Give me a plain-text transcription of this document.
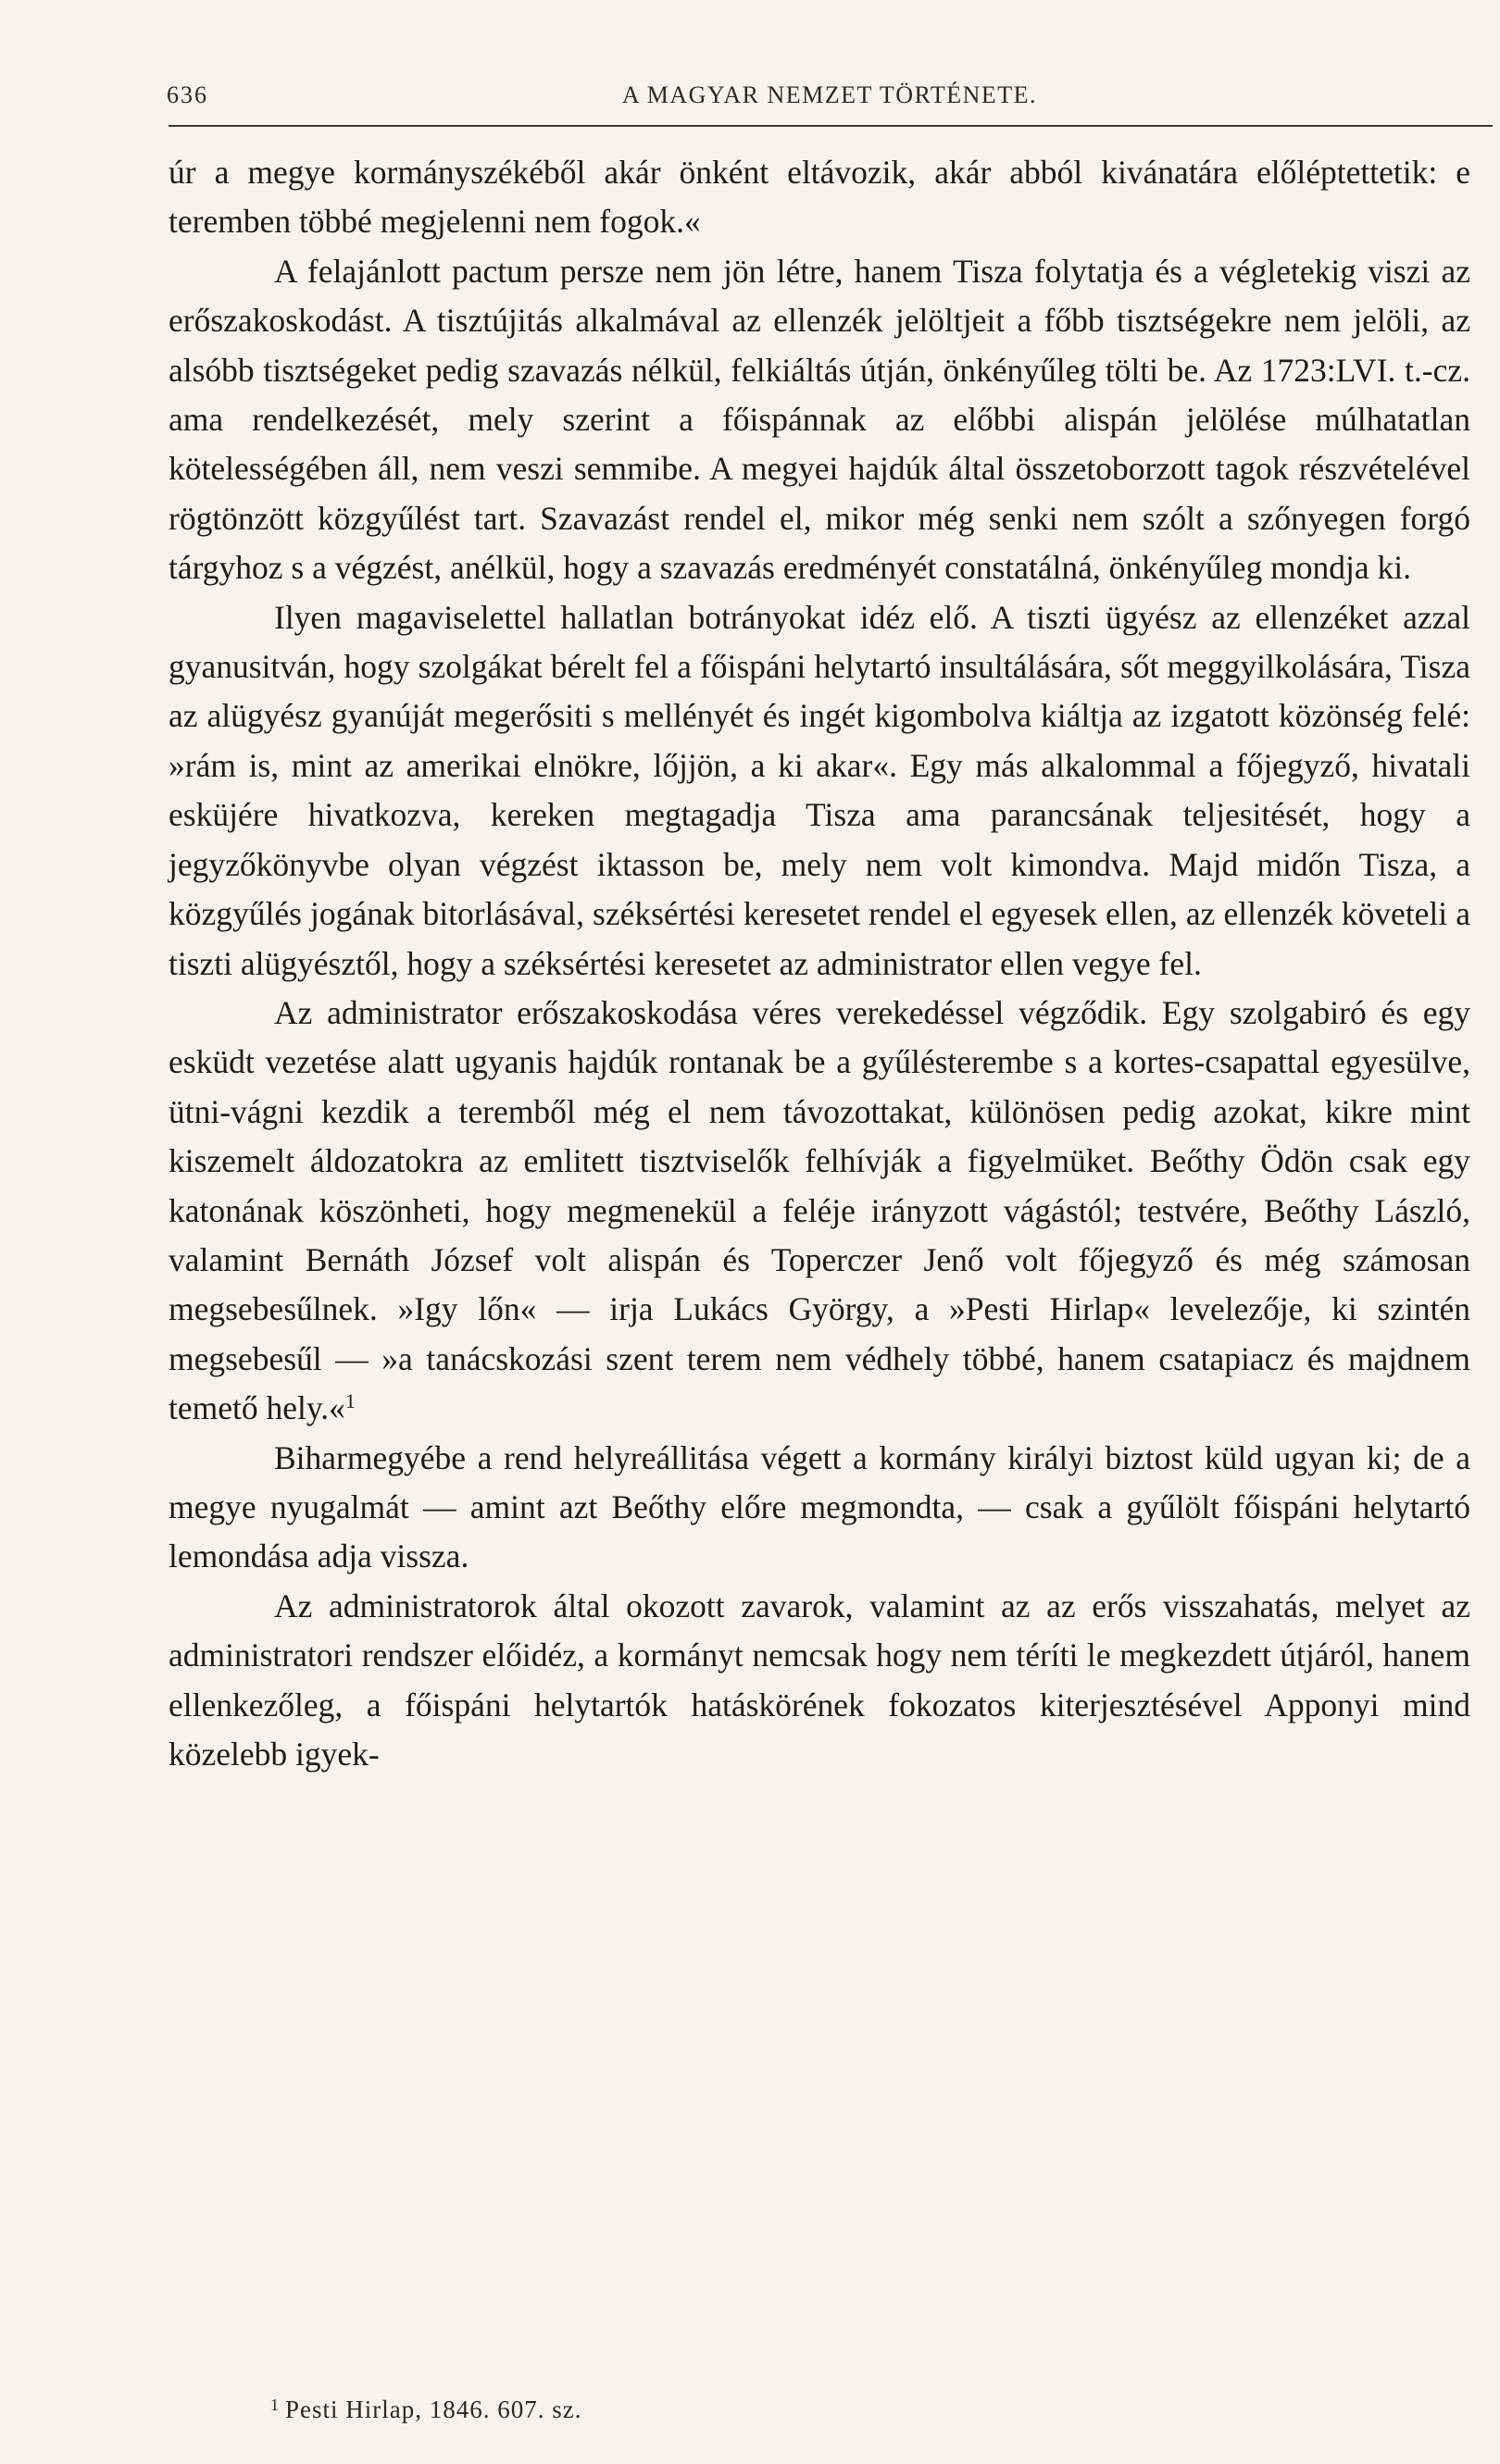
636	A MAGYAR NEMZET TÖRTÉNETE.

úr a megye kormányszékéből akár önként eltávozik, akár abból kivánatára előléptettetik: e teremben többé megjelenni nem fogok.«

A felajánlott pactum persze nem jön létre, hanem Tisza folytatja és a végletekig viszi az erőszakoskodást. A tisztújitás alkalmával az ellenzék jelöltjeit a főbb tisztségekre nem jelöli, az alsóbb tisztségeket pedig szavazás nélkül, felkiáltás útján, önkényűleg tölti be. Az 1723:LVI. t.-cz. ama rendelkezését, mely szerint a főispánnak az előbbi alispán jelölése múlhatatlan kötelességében áll, nem veszi semmibe. A megyei hajdúk által összetoborzott tagok részvételével rögtönzött közgyűlést tart. Szavazást rendel el, mikor még senki nem szólt a szőnyegen forgó tárgyhoz s a végzést, anélkül, hogy a szavazás eredményét constatálná, önkényűleg mondja ki.

Ilyen magaviselettel hallatlan botrányokat idéz elő. A tiszti ügyész az ellenzéket azzal gyanusitván, hogy szolgákat bérelt fel a főispáni helytartó insultálására, sőt meggyilkolására, Tisza az alügyész gyanúját megerősiti s mellényét és ingét kigombolva kiáltja az izgatott közönség felé: »rám is, mint az amerikai elnökre, lőjjön, a ki akar«. Egy más alkalommal a főjegyző, hivatali esküjére hivatkozva, kereken megtagadja Tisza ama parancsának teljesitését, hogy a jegyzőkönyvbe olyan végzést iktasson be, mely nem volt kimondva. Majd midőn Tisza, a közgyűlés jogának bitorlásával, széksértési keresetet rendel el egyesek ellen, az ellenzék követeli a tiszti alügyésztől, hogy a széksértési keresetet az administrator ellen vegye fel.

Az administrator erőszakoskodása véres verekedéssel végződik. Egy szolgabiró és egy esküdt vezetése alatt ugyanis hajdúk rontanak be a gyűlésterembe s a kortes-csapattal egyesülve, ütni-vágni kezdik a teremből még el nem távozottakat, különösen pedig azokat, kikre mint kiszemelt áldozatokra az emlitett tisztviselők felhívják a figyelmüket. Beőthy Ödön csak egy katonának köszönheti, hogy megmenekül a feléje irányzott vágástól; testvére, Beőthy László, valamint Bernáth József volt alispán és Toperczer Jenő volt főjegyző és még számosan megsebesűlnek. »Igy lőn« — irja Lukács György, a »Pesti Hirlap« levelezője, ki szintén megsebesűl — »a tanácskozási szent terem nem védhely többé, hanem csatapiacz és majdnem temető hely.«$^1$

Biharmegyébe a rend helyreállitása végett a kormány királyi biztost küld ugyan ki; de a megye nyugalmát — amint azt Beőthy előre megmondta, — csak a gyűlölt főispáni helytartó lemondása adja vissza.

Az administratorok által okozott zavarok, valamint az az erős visszahatás, melyet az administratori rendszer előidéz, a kormányt nemcsak hogy nem téríti le megkezdett útjáról, hanem ellenkezőleg, a főispáni helytartók hatáskörének fokozatos kiterjesztésével Apponyi mind közelebb igyek-

$^1$ Pesti Hirlap, 1846. 607. sz.
